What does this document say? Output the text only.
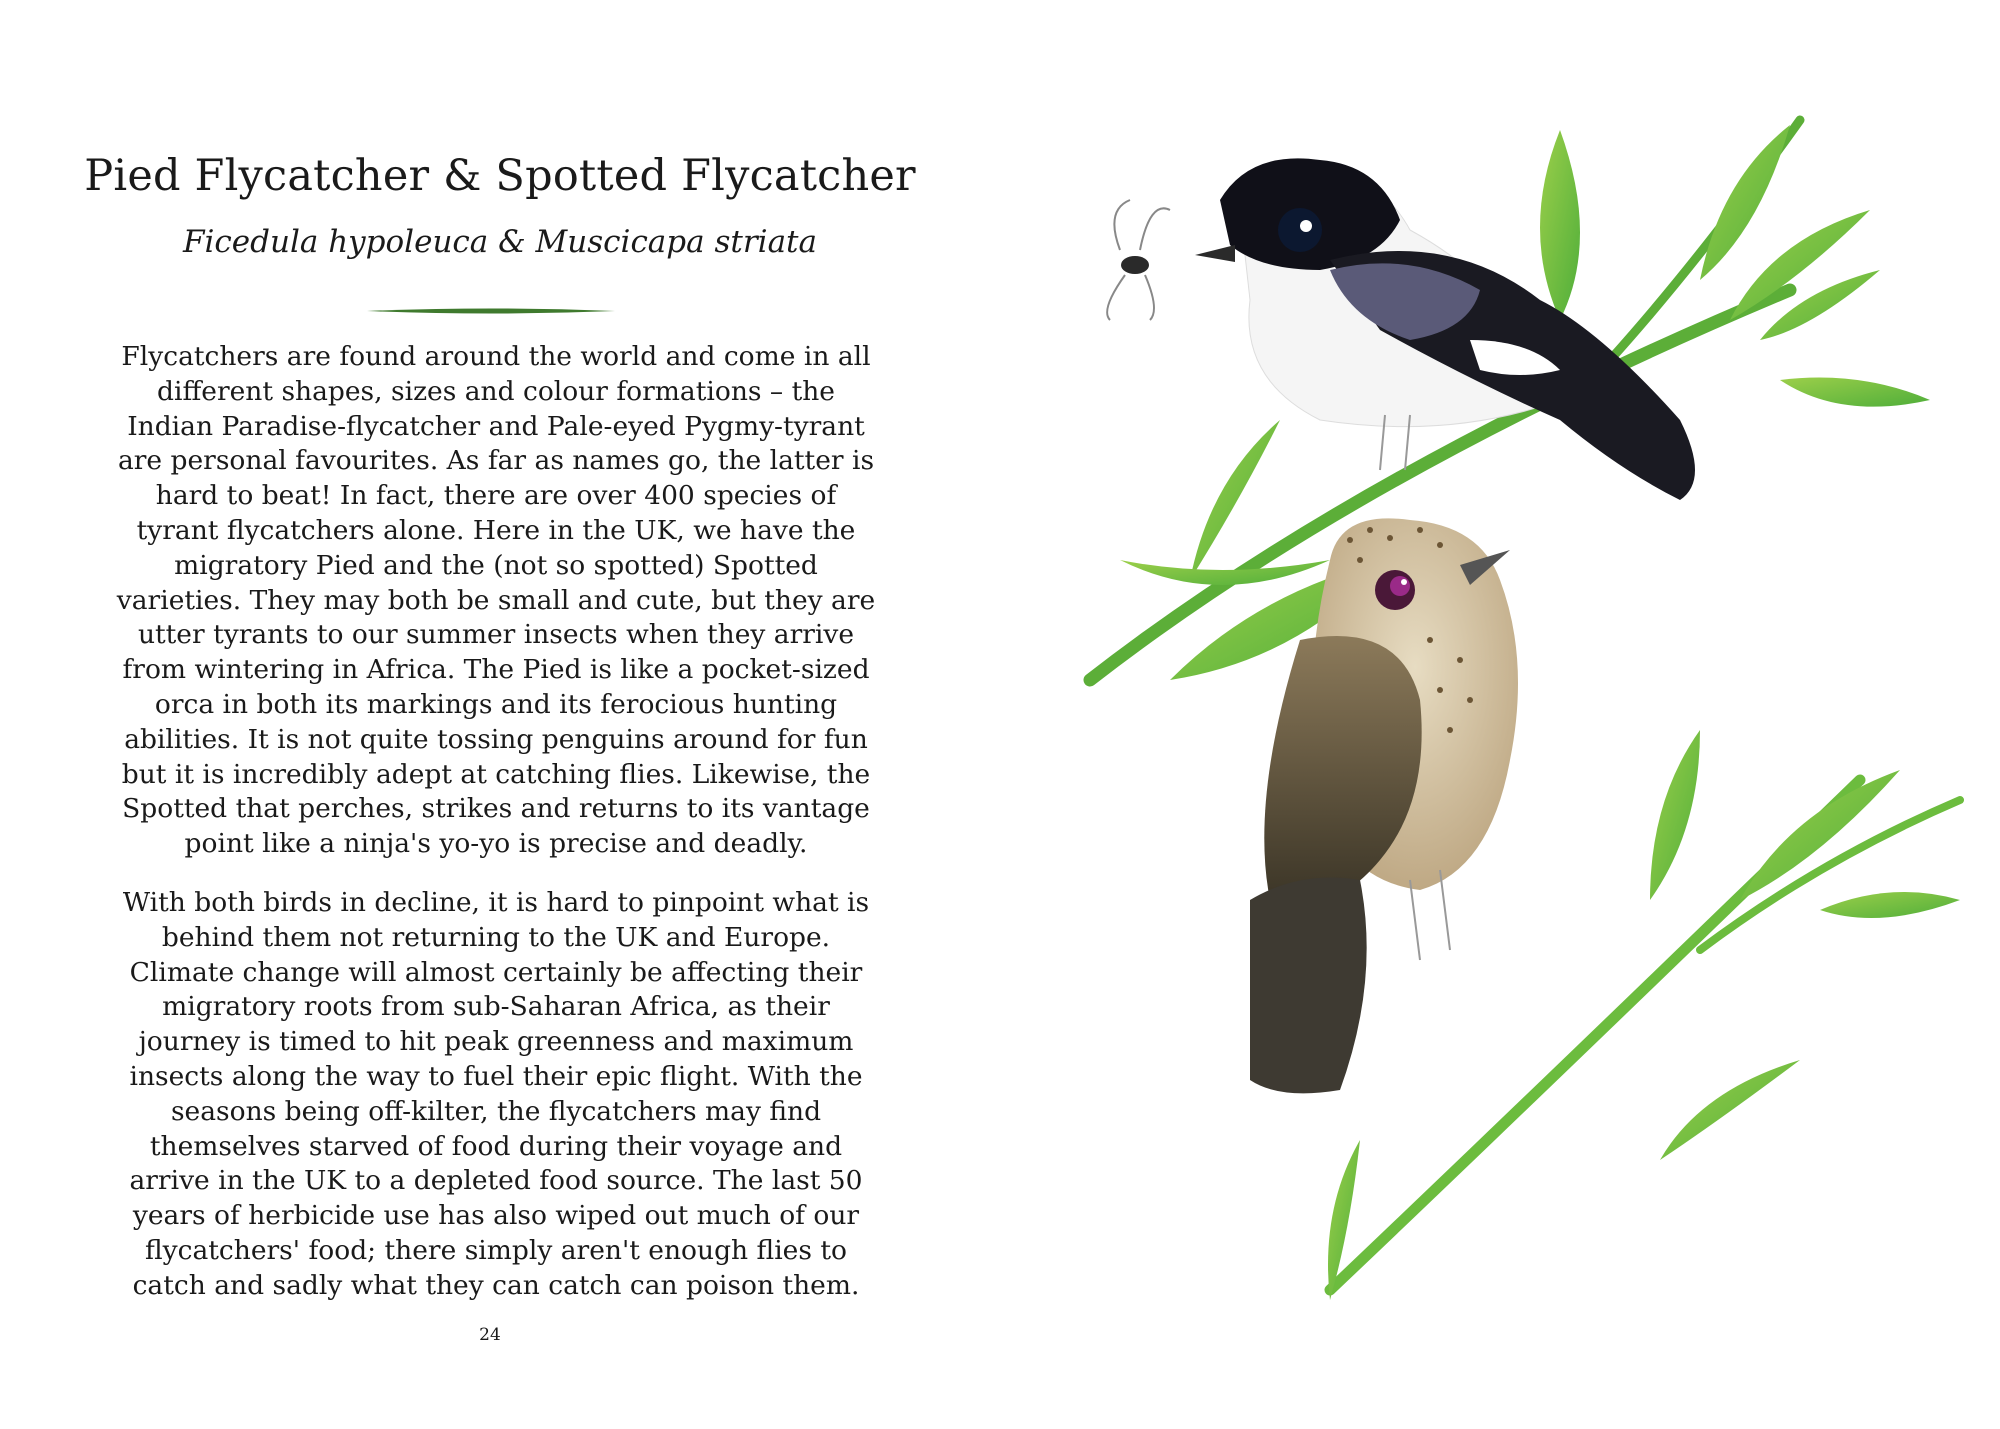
Pied Flycatcher & Spotted Flycatcher
Ficedula hypoleuca & Muscicapa striata

Flycatchers are found around the world and come in all different shapes, sizes and colour formations – the Indian Paradise-flycatcher and Pale-eyed Pygmy-tyrant are personal favourites. As far as names go, the latter is hard to beat! In fact, there are over 400 species of tyrant flycatchers alone. Here in the UK, we have the migratory Pied and the (not so spotted) Spotted varieties. They may both be small and cute, but they are utter tyrants to our summer insects when they arrive from wintering in Africa. The Pied is like a pocket-sized orca in both its markings and its ferocious hunting abilities. It is not quite tossing penguins around for fun but it is incredibly adept at catching flies. Likewise, the Spotted that perches, strikes and returns to its vantage point like a ninja's yo-yo is precise and deadly.

With both birds in decline, it is hard to pinpoint what is behind them not returning to the UK and Europe. Climate change will almost certainly be affecting their migratory roots from sub-Saharan Africa, as their journey is timed to hit peak greenness and maximum insects along the way to fuel their epic flight. With the seasons being off-kilter, the flycatchers may find themselves starved of food during their voyage and arrive in the UK to a depleted food source. The last 50 years of herbicide use has also wiped out much of our flycatchers' food; there simply aren't enough flies to catch and sadly what they can catch can poison them.

24
